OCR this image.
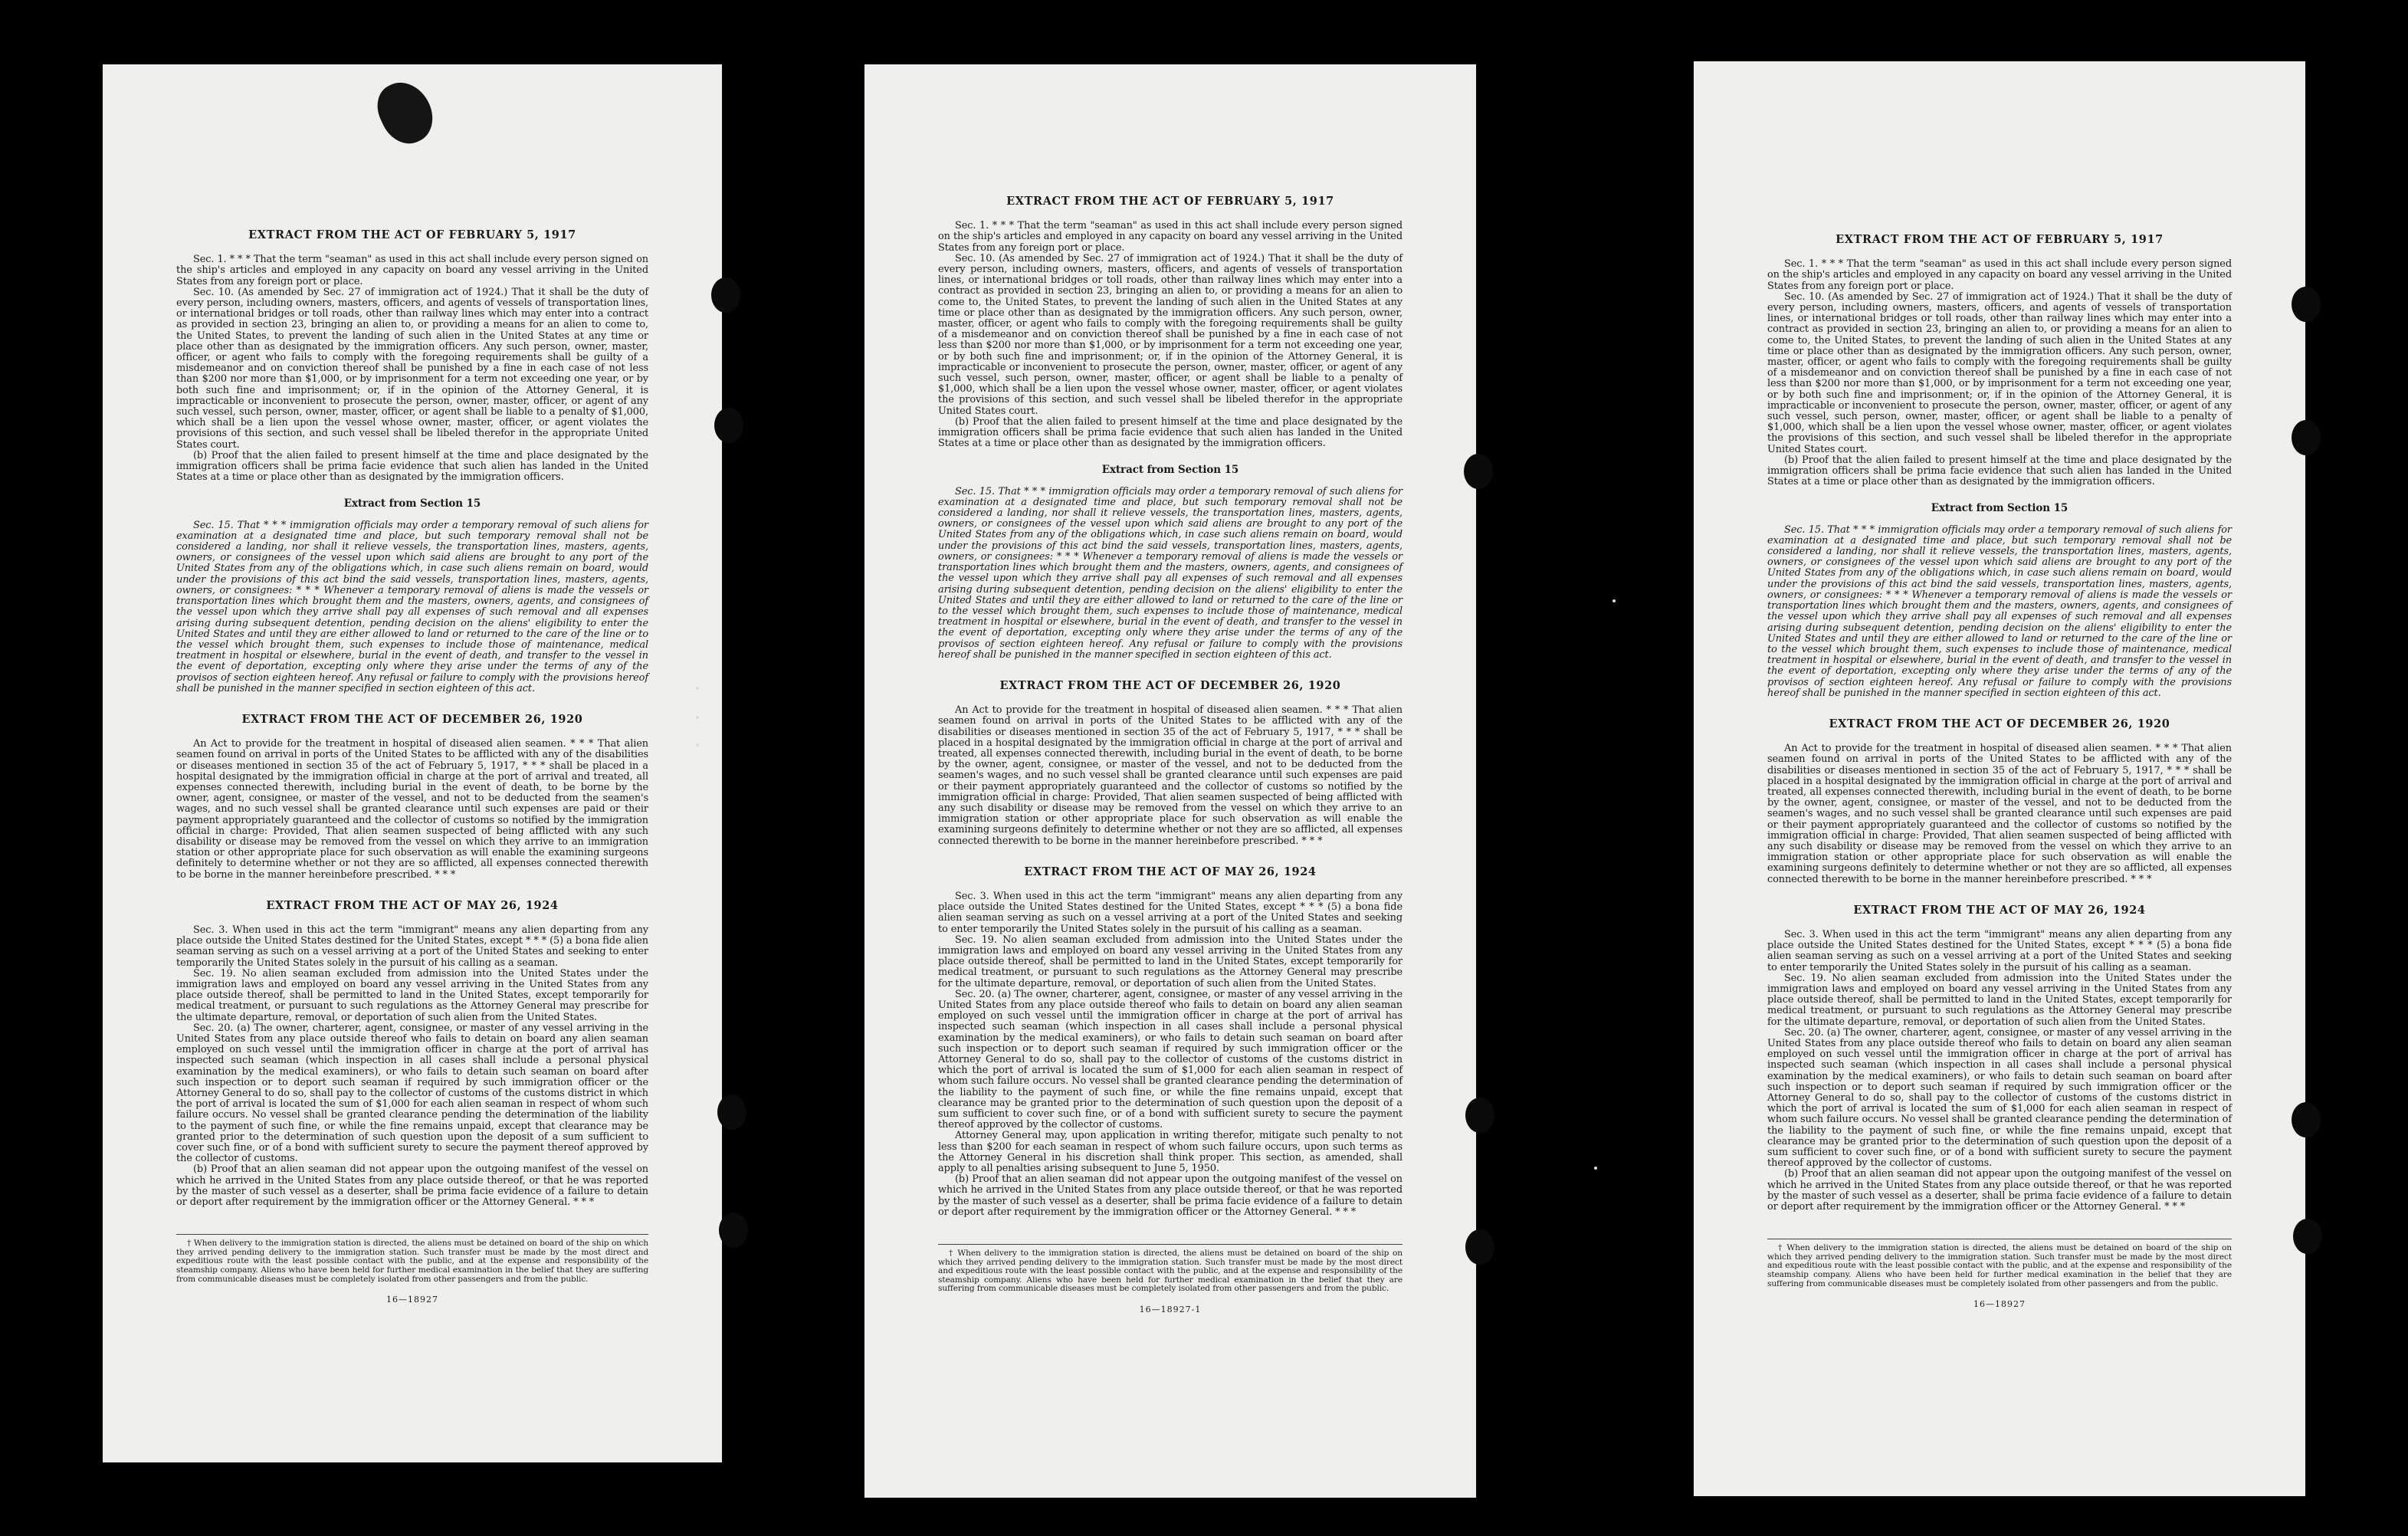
EXTRACT FROM THE ACT OF FEBRUARY 5, 1917

Sec. 1. * * * That the term "seaman" as used in this act shall include every person signed on the ship's articles and employed in any capacity on board any vessel arriving in the United States from any foreign port or place.

Sec. 10. (As amended by Sec. 27 of immigration act of 1924.) That it shall be the duty of every person, including owners, masters, officers, and agents of vessels of transportation lines, or international bridges or toll roads, other than railway lines which may enter into a contract as provided in section 23, bringing an alien to, or providing a means for an alien to come to, the United States, to prevent the landing of such alien in the United States at any time or place other than as designated by the immigration officers. Any such person, owner, master, officer, or agent who fails to comply with the foregoing requirements shall be guilty of a misdemeanor and on conviction thereof shall be punished by a fine in each case of not less than $200 nor more than $1,000, or by imprisonment for a term not exceeding one year, or by both such fine and imprisonment; or, if in the opinion of the Attorney General, it is impracticable or inconvenient to prosecute the person, owner, master, officer, or agent of any such vessel, such person, owner, master, officer, or agent shall be liable to a penalty of $1,000, which shall be a lien upon the vessel whose owner, master, officer, or agent violates the provisions of this section, and such vessel shall be libeled therefor in the appropriate United States court.

(b) Proof that the alien failed to present himself at the time and place designated by the immigration officers shall be prima facie evidence that such alien has landed in the United States at a time or place other than as designated by the immigration officers.

Extract from Section 15

Sec. 15. That * * * immigration officials may order a temporary removal of such aliens for examination at a designated time and place, but such temporary removal shall not be considered a landing, nor shall it relieve vessels, the transportation lines, masters, agents, owners, or consignees of the vessel upon which said aliens are brought to any port of the United States from any of the obligations which, in case such aliens remain on board, would under the provisions of this act bind the said vessels, transportation lines, masters, agents, owners, or consignees: * * * Whenever a temporary removal of aliens is made the vessels or transportation lines which brought them and the masters, owners, agents, and consignees of the vessel upon which they arrive shall pay all expenses of such removal and all expenses arising during subsequent detention, pending decision on the aliens' eligibility to enter the United States and until they are either allowed to land or returned to the care of the line or to the vessel which brought them, such expenses to include those of maintenance, medical treatment in hospital or elsewhere, burial in the event of death, and transfer to the vessel in the event of deportation, excepting only where they arise under the terms of any of the provisos of section eighteen hereof. Any refusal or failure to comply with the provisions hereof shall be punished in the manner specified in section eighteen of this act.

EXTRACT FROM THE ACT OF DECEMBER 26, 1920

An Act to provide for the treatment in hospital of diseased alien seamen. * * * That alien seamen found on arrival in ports of the United States to be afflicted with any of the disabilities or diseases mentioned in section 35 of the act of February 5, 1917, * * * shall be placed in a hospital designated by the immigration official in charge at the port of arrival and treated, all expenses connected therewith, including burial in the event of death, to be borne by the owner, agent, consignee, or master of the vessel, and not to be deducted from the seamen's wages, and no such vessel shall be granted clearance until such expenses are paid or their payment appropriately guaranteed and the collector of customs so notified by the immigration official in charge: Provided, That alien seamen suspected of being afflicted with any such disability or disease may be removed from the vessel on which they arrive to an immigration station or other appropriate place for such observation as will enable the examining surgeons definitely to determine whether or not they are so afflicted, all expenses connected therewith to be borne in the manner hereinbefore prescribed. * * *

EXTRACT FROM THE ACT OF MAY 26, 1924

Sec. 3. When used in this act the term "immigrant" means any alien departing from any place outside the United States destined for the United States, except * * * (5) a bona fide alien seaman serving as such on a vessel arriving at a port of the United States and seeking to enter temporarily the United States solely in the pursuit of his calling as a seaman.

Sec. 19. No alien seaman excluded from admission into the United States under the immigration laws and employed on board any vessel arriving in the United States from any place outside thereof, shall be permitted to land in the United States, except temporarily for medical treatment, or pursuant to such regulations as the Attorney General may prescribe for the ultimate departure, removal, or deportation of such alien from the United States.

Sec. 20. (a) The owner, charterer, agent, consignee, or master of any vessel arriving in the United States from any place outside thereof who fails to detain on board any alien seaman employed on such vessel until the immigration officer in charge at the port of arrival has inspected such seaman (which inspection in all cases shall include a personal physical examination by the medical examiners), or who fails to detain such seaman on board after such inspection or to deport such seaman if required by such immigration officer or the Attorney General to do so, shall pay to the collector of customs of the customs district in which the port of arrival is located the sum of $1,000 for each alien seaman in respect of whom such failure occurs. No vessel shall be granted clearance pending the determination of the liability to the payment of such fine, or while the fine remains unpaid, except that clearance may be granted prior to the determination of such question upon the deposit of a sum sufficient to cover such fine, or of a bond with sufficient surety to secure the payment thereof approved by the collector of customs.

(b) Proof that an alien seaman did not appear upon the outgoing manifest of the vessel on which he arrived in the United States from any place outside thereof, or that he was reported by the master of such vessel as a deserter, shall be prima facie evidence of a failure to detain or deport after requirement by the immigration officer or the Attorney General. * * *

† When delivery to the immigration station is directed, the aliens must be detained on board of the ship on which they arrived pending delivery to the immigration station. Such transfer must be made by the most direct and expeditious route with the least possible contact with the public, and at the expense and responsibility of the steamship company. Aliens who have been held for further medical examination in the belief that they are suffering from communicable diseases must be completely isolated from other passengers and from the public.

16—18927
EXTRACT FROM THE ACT OF FEBRUARY 5, 1917

Sec. 1. * * * That the term "seaman" as used in this act shall include every person signed on the ship's articles and employed in any capacity on board any vessel arriving in the United States from any foreign port or place.

Sec. 10. (As amended by Sec. 27 of immigration act of 1924.) That it shall be the duty of every person, including owners, masters, officers, and agents of vessels of transportation lines, or international bridges or toll roads, other than railway lines which may enter into a contract as provided in section 23, bringing an alien to, or providing a means for an alien to come to, the United States, to prevent the landing of such alien in the United States at any time or place other than as designated by the immigration officers. Any such person, owner, master, officer, or agent who fails to comply with the foregoing requirements shall be guilty of a misdemeanor and on conviction thereof shall be punished by a fine in each case of not less than $200 nor more than $1,000, or by imprisonment for a term not exceeding one year, or by both such fine and imprisonment; or, if in the opinion of the Attorney General, it is impracticable or inconvenient to prosecute the person, owner, master, officer, or agent of any such vessel, such person, owner, master, officer, or agent shall be liable to a penalty of $1,000, which shall be a lien upon the vessel whose owner, master, officer, or agent violates the provisions of this section, and such vessel shall be libeled therefor in the appropriate United States court.

(b) Proof that the alien failed to present himself at the time and place designated by the immigration officers shall be prima facie evidence that such alien has landed in the United States at a time or place other than as designated by the immigration officers.

Extract from Section 15

Sec. 15. That * * * immigration officials may order a temporary removal of such aliens for examination at a designated time and place, but such temporary removal shall not be considered a landing, nor shall it relieve vessels, the transportation lines, masters, agents, owners, or consignees of the vessel upon which said aliens are brought to any port of the United States from any of the obligations which, in case such aliens remain on board, would under the provisions of this act bind the said vessels, transportation lines, masters, agents, owners, or consignees: * * * Whenever a temporary removal of aliens is made the vessels or transportation lines which brought them and the masters, owners, agents, and consignees of the vessel upon which they arrive shall pay all expenses of such removal and all expenses arising during subsequent detention, pending decision on the aliens' eligibility to enter the United States and until they are either allowed to land or returned to the care of the line or to the vessel which brought them, such expenses to include those of maintenance, medical treatment in hospital or elsewhere, burial in the event of death, and transfer to the vessel in the event of deportation, excepting only where they arise under the terms of any of the provisos of section eighteen hereof. Any refusal or failure to comply with the provisions hereof shall be punished in the manner specified in section eighteen of this act.

EXTRACT FROM THE ACT OF DECEMBER 26, 1920

An Act to provide for the treatment in hospital of diseased alien seamen. * * * That alien seamen found on arrival in ports of the United States to be afflicted with any of the disabilities or diseases mentioned in section 35 of the act of February 5, 1917, * * * shall be placed in a hospital designated by the immigration official in charge at the port of arrival and treated, all expenses connected therewith, including burial in the event of death, to be borne by the owner, agent, consignee, or master of the vessel, and not to be deducted from the seamen's wages, and no such vessel shall be granted clearance until such expenses are paid or their payment appropriately guaranteed and the collector of customs so notified by the immigration official in charge: Provided, That alien seamen suspected of being afflicted with any such disability or disease may be removed from the vessel on which they arrive to an immigration station or other appropriate place for such observation as will enable the examining surgeons definitely to determine whether or not they are so afflicted, all expenses connected therewith to be borne in the manner hereinbefore prescribed. * * *

EXTRACT FROM THE ACT OF MAY 26, 1924

Sec. 3. When used in this act the term "immigrant" means any alien departing from any place outside the United States destined for the United States, except * * * (5) a bona fide alien seaman serving as such on a vessel arriving at a port of the United States and seeking to enter temporarily the United States solely in the pursuit of his calling as a seaman.

Sec. 19. No alien seaman excluded from admission into the United States under the immigration laws and employed on board any vessel arriving in the United States from any place outside thereof, shall be permitted to land in the United States, except temporarily for medical treatment, or pursuant to such regulations as the Attorney General may prescribe for the ultimate departure, removal, or deportation of such alien from the United States.

Sec. 20. (a) The owner, charterer, agent, consignee, or master of any vessel arriving in the United States from any place outside thereof who fails to detain on board any alien seaman employed on such vessel until the immigration officer in charge at the port of arrival has inspected such seaman (which inspection in all cases shall include a personal physical examination by the medical examiners), or who fails to detain such seaman on board after such inspection or to deport such seaman if required by such immigration officer or the Attorney General to do so, shall pay to the collector of customs of the customs district in which the port of arrival is located the sum of $1,000 for each alien seaman in respect of whom such failure occurs. No vessel shall be granted clearance pending the determination of the liability to the payment of such fine, or while the fine remains unpaid, except that clearance may be granted prior to the determination of such question upon the deposit of a sum sufficient to cover such fine, or of a bond with sufficient surety to secure the payment thereof approved by the collector of customs.

Attorney General may, upon application in writing therefor, mitigate such penalty to not less than $200 for each seaman in respect of whom such failure occurs, upon such terms as the Attorney General in his discretion shall think proper. This section, as amended, shall apply to all penalties arising subsequent to June 5, 1950.

(b) Proof that an alien seaman did not appear upon the outgoing manifest of the vessel on which he arrived in the United States from any place outside thereof, or that he was reported by the master of such vessel as a deserter, shall be prima facie evidence of a failure to detain or deport after requirement by the immigration officer or the Attorney General. * * *

† When delivery to the immigration station is directed, the aliens must be detained on board of the ship on which they arrived pending delivery to the immigration station. Such transfer must be made by the most direct and expeditious route with the least possible contact with the public, and at the expense and responsibility of the steamship company. Aliens who have been held for further medical examination in the belief that they are suffering from communicable diseases must be completely isolated from other passengers and from the public.

16—18927-1
EXTRACT FROM THE ACT OF FEBRUARY 5, 1917

Sec. 1. * * * That the term "seaman" as used in this act shall include every person signed on the ship's articles and employed in any capacity on board any vessel arriving in the United States from any foreign port or place.

Sec. 10. (As amended by Sec. 27 of immigration act of 1924.) That it shall be the duty of every person, including owners, masters, officers, and agents of vessels of transportation lines, or international bridges or toll roads, other than railway lines which may enter into a contract as provided in section 23, bringing an alien to, or providing a means for an alien to come to, the United States, to prevent the landing of such alien in the United States at any time or place other than as designated by the immigration officers. Any such person, owner, master, officer, or agent who fails to comply with the foregoing requirements shall be guilty of a misdemeanor and on conviction thereof shall be punished by a fine in each case of not less than $200 nor more than $1,000, or by imprisonment for a term not exceeding one year, or by both such fine and imprisonment; or, if in the opinion of the Attorney General, it is impracticable or inconvenient to prosecute the person, owner, master, officer, or agent of any such vessel, such person, owner, master, officer, or agent shall be liable to a penalty of $1,000, which shall be a lien upon the vessel whose owner, master, officer, or agent violates the provisions of this section, and such vessel shall be libeled therefor in the appropriate United States court.

(b) Proof that the alien failed to present himself at the time and place designated by the immigration officers shall be prima facie evidence that such alien has landed in the United States at a time or place other than as designated by the immigration officers.

Extract from Section 15

Sec. 15. That * * * immigration officials may order a temporary removal of such aliens for examination at a designated time and place, but such temporary removal shall not be considered a landing, nor shall it relieve vessels, the transportation lines, masters, agents, owners, or consignees of the vessel upon which said aliens are brought to any port of the United States from any of the obligations which, in case such aliens remain on board, would under the provisions of this act bind the said vessels, transportation lines, masters, agents, owners, or consignees: * * * Whenever a temporary removal of aliens is made the vessels or transportation lines which brought them and the masters, owners, agents, and consignees of the vessel upon which they arrive shall pay all expenses of such removal and all expenses arising during subsequent detention, pending decision on the aliens' eligibility to enter the United States and until they are either allowed to land or returned to the care of the line or to the vessel which brought them, such expenses to include those of maintenance, medical treatment in hospital or elsewhere, burial in the event of death, and transfer to the vessel in the event of deportation, excepting only where they arise under the terms of any of the provisos of section eighteen hereof. Any refusal or failure to comply with the provisions hereof shall be punished in the manner specified in section eighteen of this act.

EXTRACT FROM THE ACT OF DECEMBER 26, 1920

An Act to provide for the treatment in hospital of diseased alien seamen. * * * That alien seamen found on arrival in ports of the United States to be afflicted with any of the disabilities or diseases mentioned in section 35 of the act of February 5, 1917, * * * shall be placed in a hospital designated by the immigration official in charge at the port of arrival and treated, all expenses connected therewith, including burial in the event of death, to be borne by the owner, agent, consignee, or master of the vessel, and not to be deducted from the seamen's wages, and no such vessel shall be granted clearance until such expenses are paid or their payment appropriately guaranteed and the collector of customs so notified by the immigration official in charge: Provided, That alien seamen suspected of being afflicted with any such disability or disease may be removed from the vessel on which they arrive to an immigration station or other appropriate place for such observation as will enable the examining surgeons definitely to determine whether or not they are so afflicted, all expenses connected therewith to be borne in the manner hereinbefore prescribed. * * *

EXTRACT FROM THE ACT OF MAY 26, 1924

Sec. 3. When used in this act the term "immigrant" means any alien departing from any place outside the United States destined for the United States, except * * * (5) a bona fide alien seaman serving as such on a vessel arriving at a port of the United States and seeking to enter temporarily the United States solely in the pursuit of his calling as a seaman.

Sec. 19. No alien seaman excluded from admission into the United States under the immigration laws and employed on board any vessel arriving in the United States from any place outside thereof, shall be permitted to land in the United States, except temporarily for medical treatment, or pursuant to such regulations as the Attorney General may prescribe for the ultimate departure, removal, or deportation of such alien from the United States.

Sec. 20. (a) The owner, charterer, agent, consignee, or master of any vessel arriving in the United States from any place outside thereof who fails to detain on board any alien seaman employed on such vessel until the immigration officer in charge at the port of arrival has inspected such seaman (which inspection in all cases shall include a personal physical examination by the medical examiners), or who fails to detain such seaman on board after such inspection or to deport such seaman if required by such immigration officer or the Attorney General to do so, shall pay to the collector of customs of the customs district in which the port of arrival is located the sum of $1,000 for each alien seaman in respect of whom such failure occurs. No vessel shall be granted clearance pending the determination of the liability to the payment of such fine, or while the fine remains unpaid, except that clearance may be granted prior to the determination of such question upon the deposit of a sum sufficient to cover such fine, or of a bond with sufficient surety to secure the payment thereof approved by the collector of customs.

(b) Proof that an alien seaman did not appear upon the outgoing manifest of the vessel on which he arrived in the United States from any place outside thereof, or that he was reported by the master of such vessel as a deserter, shall be prima facie evidence of a failure to detain or deport after requirement by the immigration officer or the Attorney General. * * *

† When delivery to the immigration station is directed, the aliens must be detained on board of the ship on which they arrived pending delivery to the immigration station. Such transfer must be made by the most direct and expeditious route with the least possible contact with the public, and at the expense and responsibility of the steamship company. Aliens who have been held for further medical examination in the belief that they are suffering from communicable diseases must be completely isolated from other passengers and from the public.

16—18927
